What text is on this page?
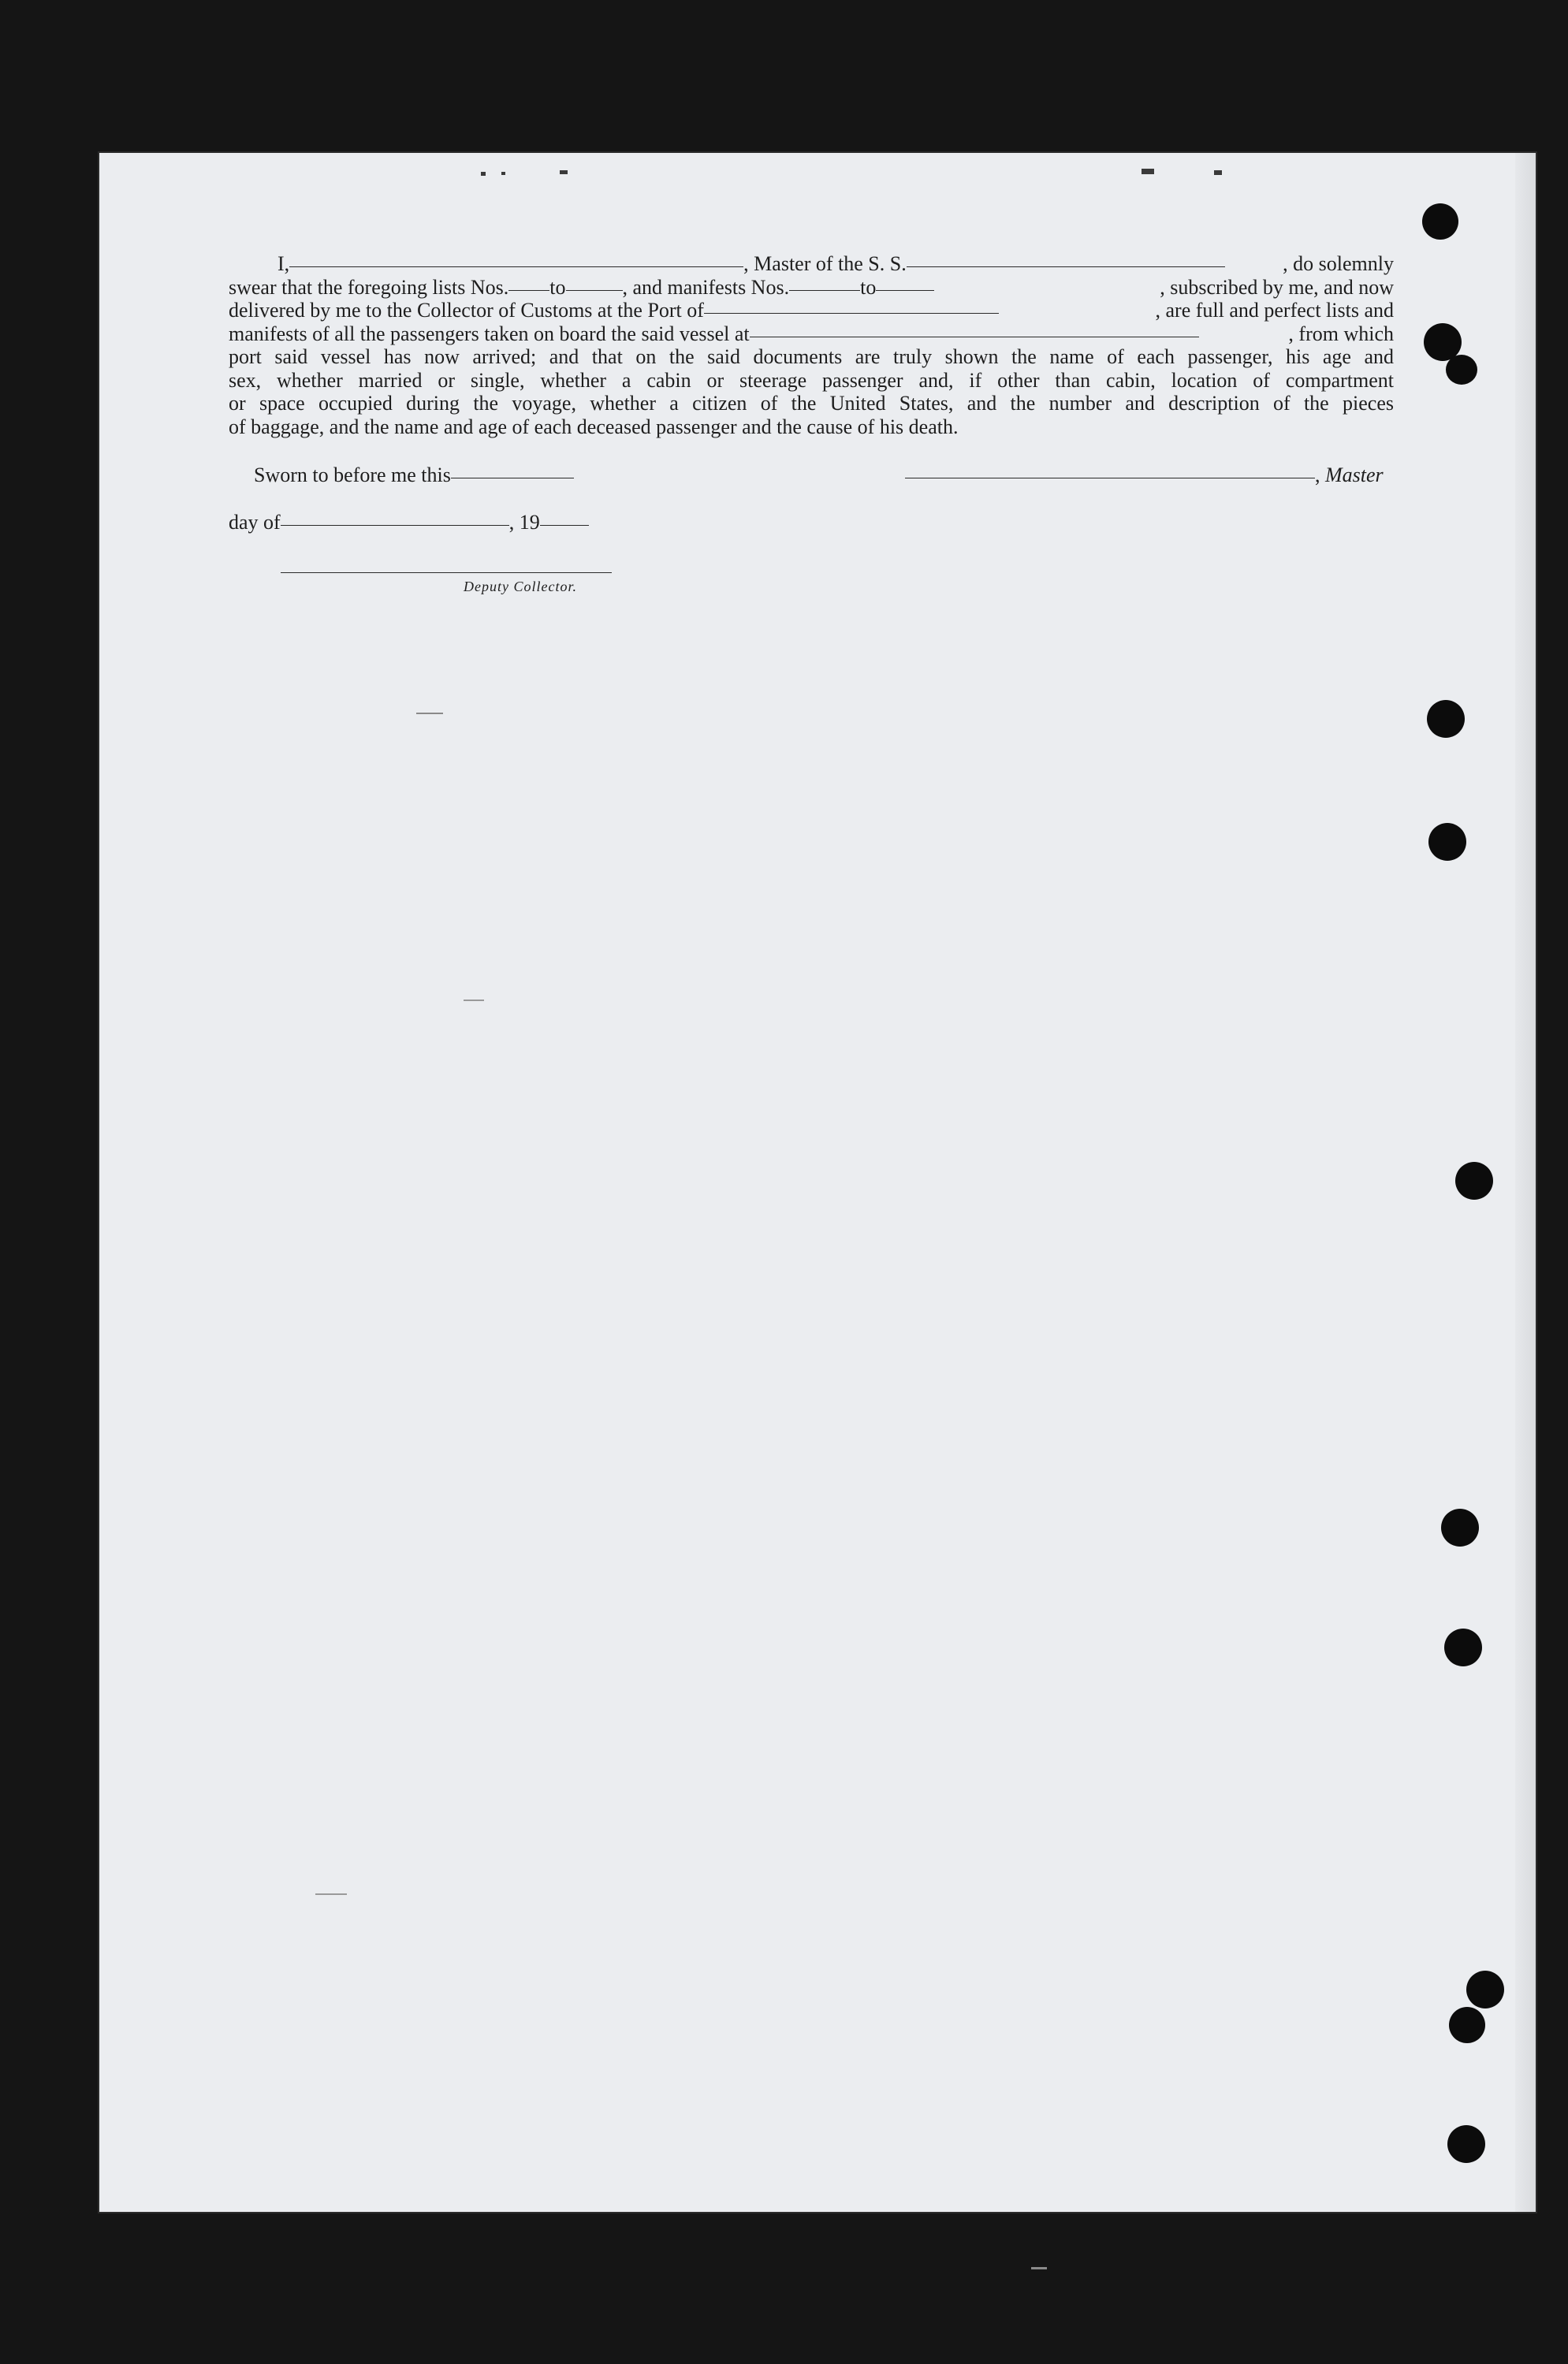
I,	, Master of the S. S.	, do solemnly
swear that the foregoing lists Nos. to	, and manifests Nos.	to	, subscribed by me, and now
delivered by me to the Collector of Customs at the Port of	, are full and perfect lists and
manifests of all the passengers taken on board the said vessel at	, from which
port said vessel has now arrived; and that on the said documents are truly shown the name of each passenger, his age and
sex, whether married or single, whether a cabin or steerage passenger and, if other than cabin, location of compartment
or space occupied during the voyage, whether a citizen of the United States, and the number and description of the pieces
of baggage, and the name and age of each deceased passenger and the cause of his death.
Sworn to before me this	, Master
day of	, 19
Deputy Collector.
